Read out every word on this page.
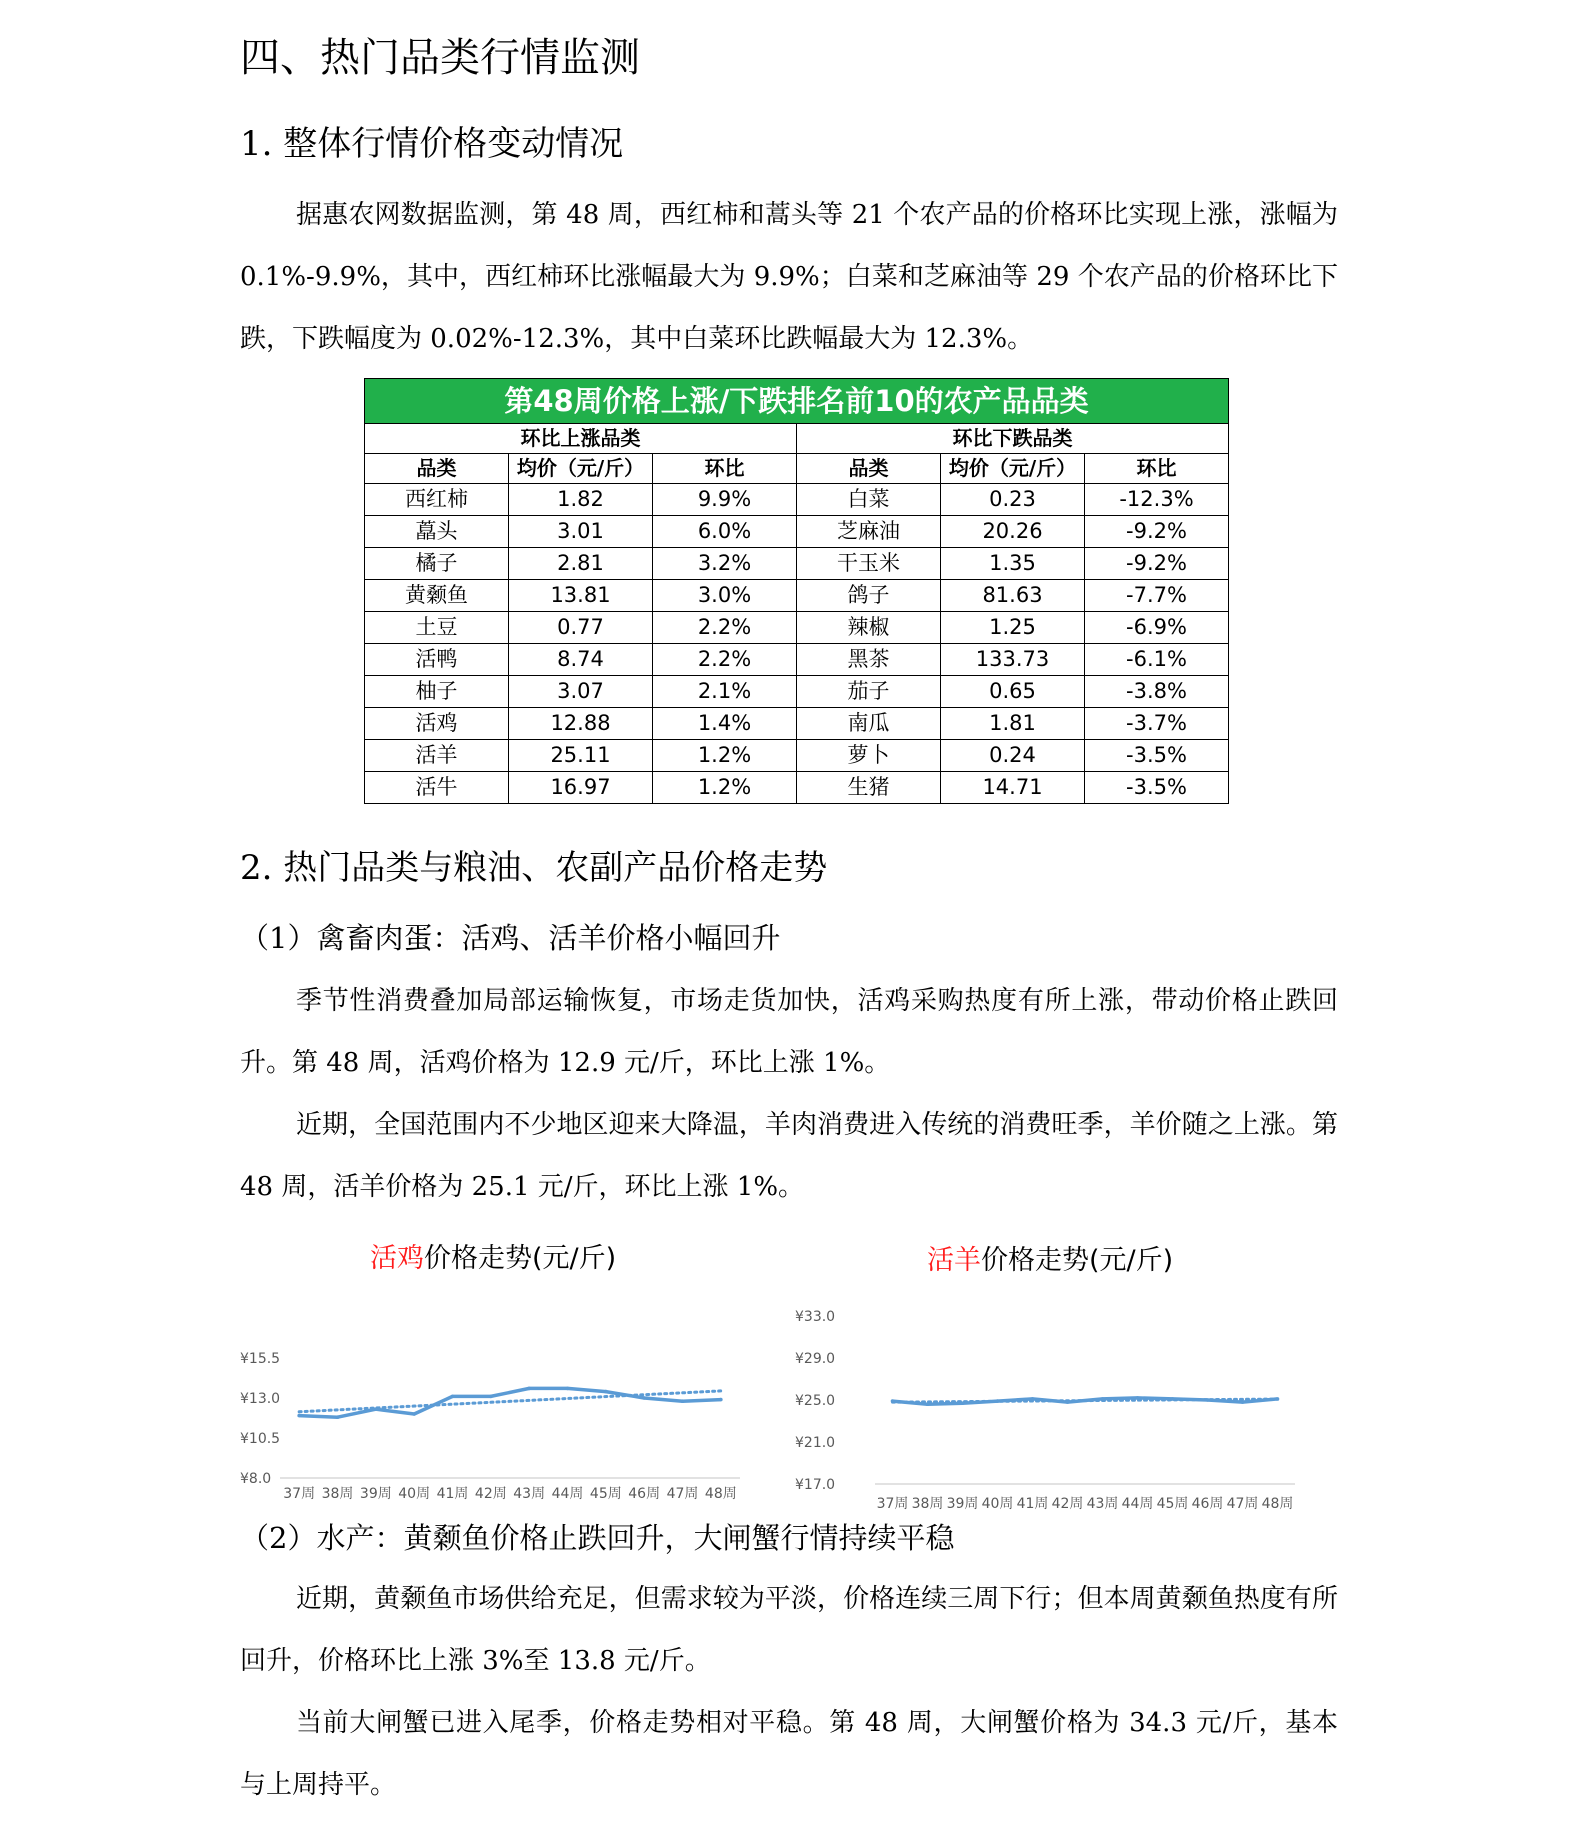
四、热门品类行情监测
1. 整体行情价格变动情况
据惠农网数据监测，第 48 周，西红柿和蒿头等 21 个农产品的价格环比实现上涨，涨幅为 0.1%-9.9%，其中，西红柿环比涨幅最大为 9.9%；白菜和芝麻油等 29 个农产品的价格环比下跌，下跌幅度为 0.02%-12.3%，其中白菜环比跌幅最大为 12.3%。
第48周价格上涨/下跌排名前10的农产品品类					
环比上涨品类			环比下跌品类		
品类	均价（元/斤）	环比	品类	均价（元/斤）	环比
西红柿	1.82	9.9%	白菜	0.23	-12.3%
藠头	3.01	6.0%	芝麻油	20.26	-9.2%
橘子	2.81	3.2%	干玉米	1.35	-9.2%
黄颡鱼	13.81	3.0%	鸽子	81.63	-7.7%
土豆	0.77	2.2%	辣椒	1.25	-6.9%
活鸭	8.74	2.2%	黑茶	133.73	-6.1%
柚子	3.07	2.1%	茄子	0.65	-3.8%
活鸡	12.88	1.4%	南瓜	1.81	-3.7%
活羊	25.11	1.2%	萝卜	0.24	-3.5%
活牛	16.97	1.2%	生猪	14.71	-3.5%
2. 热门品类与粮油、农副产品价格走势
（1）禽畜肉蛋：活鸡、活羊价格小幅回升
季节性消费叠加局部运输恢复，市场走货加快，活鸡采购热度有所上涨，带动价格止跌回升。第 48 周，活鸡价格为 12.9 元/斤，环比上涨 1%。
近期，全国范围内不少地区迎来大降温，羊肉消费进入传统的消费旺季，羊价随之上涨。第 48 周，活羊价格为 25.1 元/斤，环比上涨 1%。
活鸡价格走势(元/斤)
¥15.5
¥13.0
¥10.5
¥8.0
37周 38周 39周 40周 41周 42周 43周 44周 45周 46周 47周 48周
活羊价格走势(元/斤)
¥33.0
¥29.0
¥25.0
¥21.0
¥17.0
37周 38周 39周 40周 41周 42周 43周 44周 45周 46周 47周 48周
（2）水产：黄颡鱼价格止跌回升，大闸蟹行情持续平稳
近期，黄颡鱼市场供给充足，但需求较为平淡，价格连续三周下行；但本周黄颡鱼热度有所回升，价格环比上涨 3%至 13.8 元/斤。
当前大闸蟹已进入尾季，价格走势相对平稳。第 48 周，大闸蟹价格为 34.3 元/斤，基本与上周持平。
